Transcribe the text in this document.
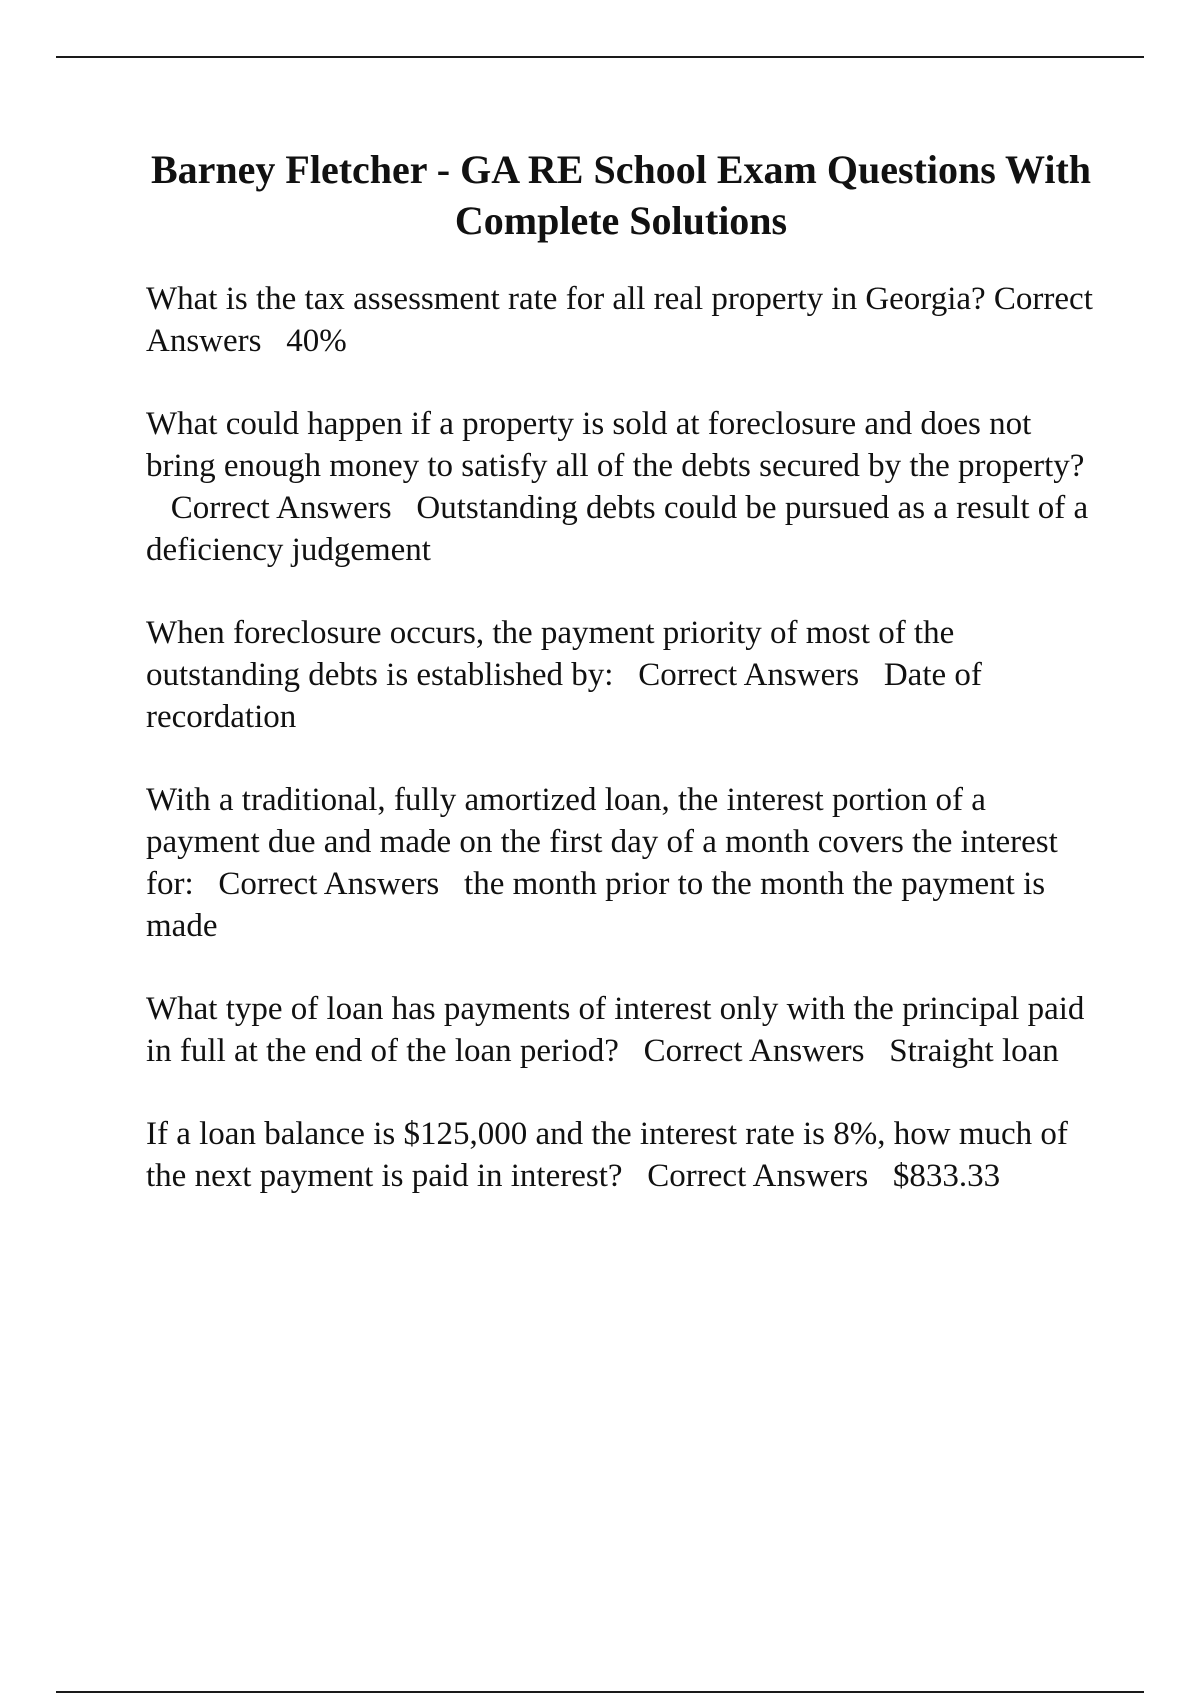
Barney Fletcher - GA RE School Exam Questions With Complete Solutions

What is the tax assessment rate for all real property in Georgia? Correct Answers 40%

What could happen if a property is sold at foreclosure and does not bring enough money to satisfy all of the debts secured by the property?   Correct Answers Outstanding debts could be pursued as a result of a deficiency judgement

When foreclosure occurs, the payment priority of most of the outstanding debts is established by: Correct Answers Date of recordation

With a traditional, fully amortized loan, the interest portion of a payment due and made on the first day of a month covers the interest for: Correct Answers the month prior to the month the payment is made

What type of loan has payments of interest only with the principal paid in full at the end of the loan period? Correct Answers Straight loan

If a loan balance is $125,000 and the interest rate is 8%, how much of the next payment is paid in interest? Correct Answers $833.33
